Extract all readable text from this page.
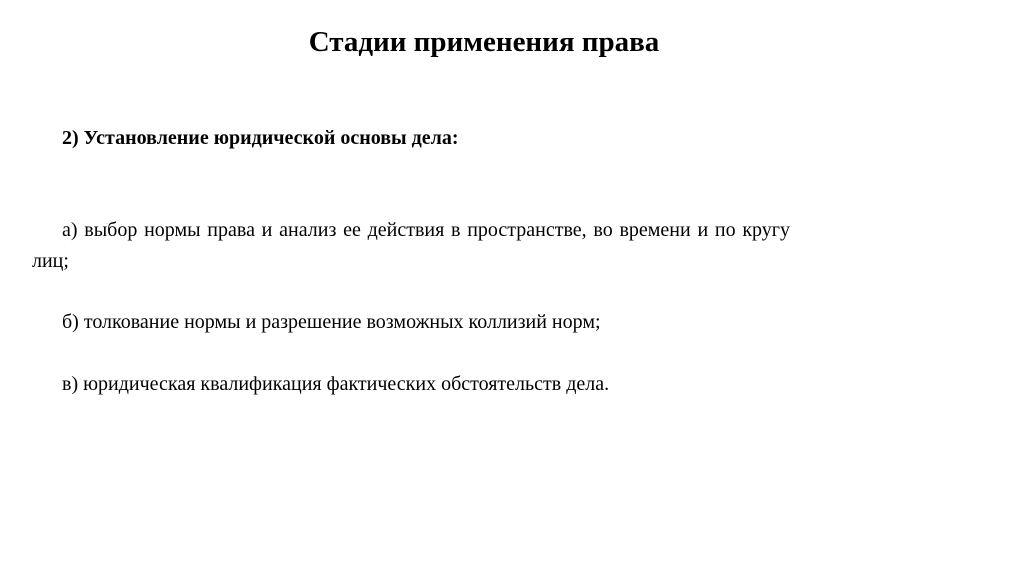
Стадии применения права
2) Установление юридической основы дела:
а) выбор нормы права и анализ ее действия в пространстве, во времени и по кругу лиц;
б) толкование нормы и разрешение возможных коллизий норм;
в) юридическая квалификация фактических обстоятельств дела.
